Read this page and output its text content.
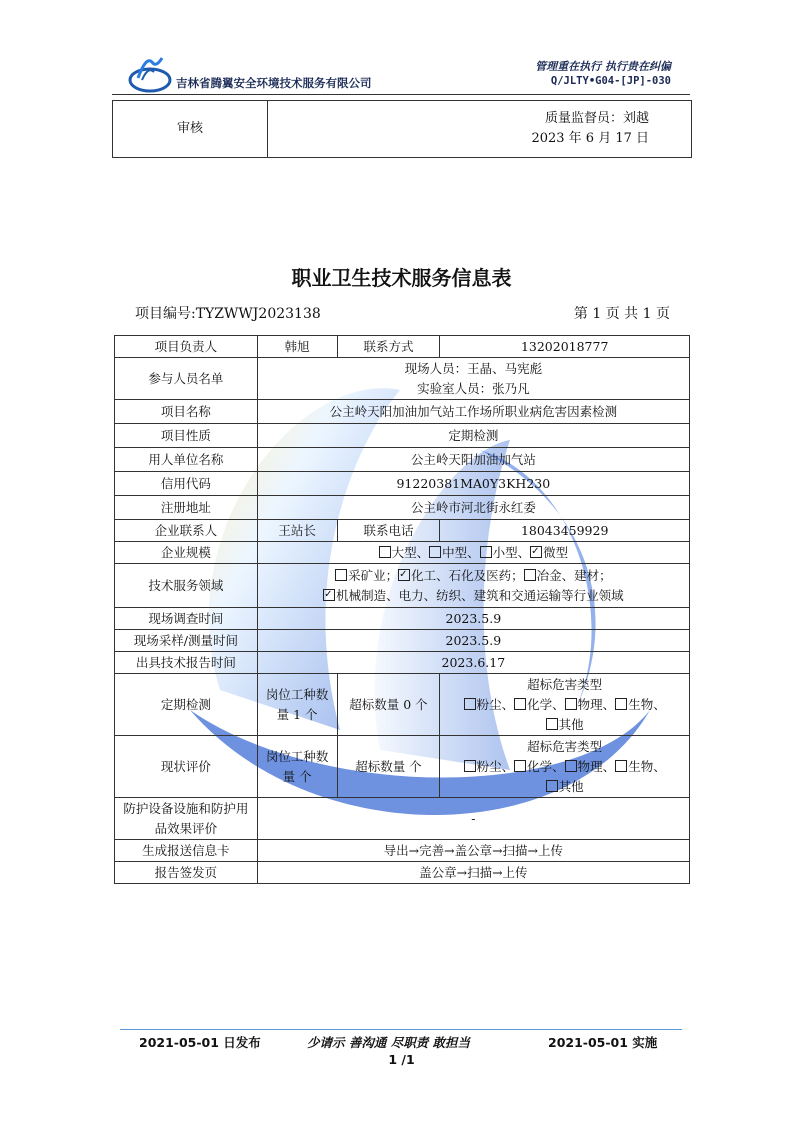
吉林省腾翼安全环境技术服务有限公司
管理重在执行 执行贵在纠偏
Q/JLTY•G04-[JP]-030
审核	
质量监督员：刘越
2023 年 6 月 17 日
职业卫生技术服务信息表
项目编号:TYZWWJ2023138	第 1 页 共 1 页
项目负责人	韩旭	联系方式	13202018777
参与人员名单	现场人员：王晶、马宪彪
实验室人员：张乃凡		

项目名称	公主岭天阳加油加气站工作场所职业病危害因素检测		
项目性质	定期检测		
用人单位名称	公主岭天阳加油加气站		
信用代码	91220381MA0Y3KH230		
注册地址	公主岭市河北街永红委		
企业联系人	王站长	联系电话	18043459929
企业规模	大型、 中型、 小型、 ✓ 微型
技术服务领域	采矿业； ✓ 化工、石化及医药； 冶金、建材；
✓机械制造、电力、纺织、建筑和交通运输等行业领域

现场调查时间	2023.5.9		
现场采样/测量时间	2023.5.9		
出具技术报告时间	2023.6.17		
定期检测	岗位工种数量 1 个	超标数量 0 个	超标危害类型
粉尘、 化学、 物理、 生物、
其他

现状评价	岗位工种数量 个	超标数量 个	超标危害类型
粉尘、 化学、 物理、 生物、
其他

防护设备设施和防护用品效果评价	-		
生成报送信息卡	导出→完善→盖公章→扫描→上传		
报告签发页	盖公章→扫描→上传		
2021-05-01 日发布	少请示 善沟通 尽职责 敢担当	2021-05-01 实施
1 /1
